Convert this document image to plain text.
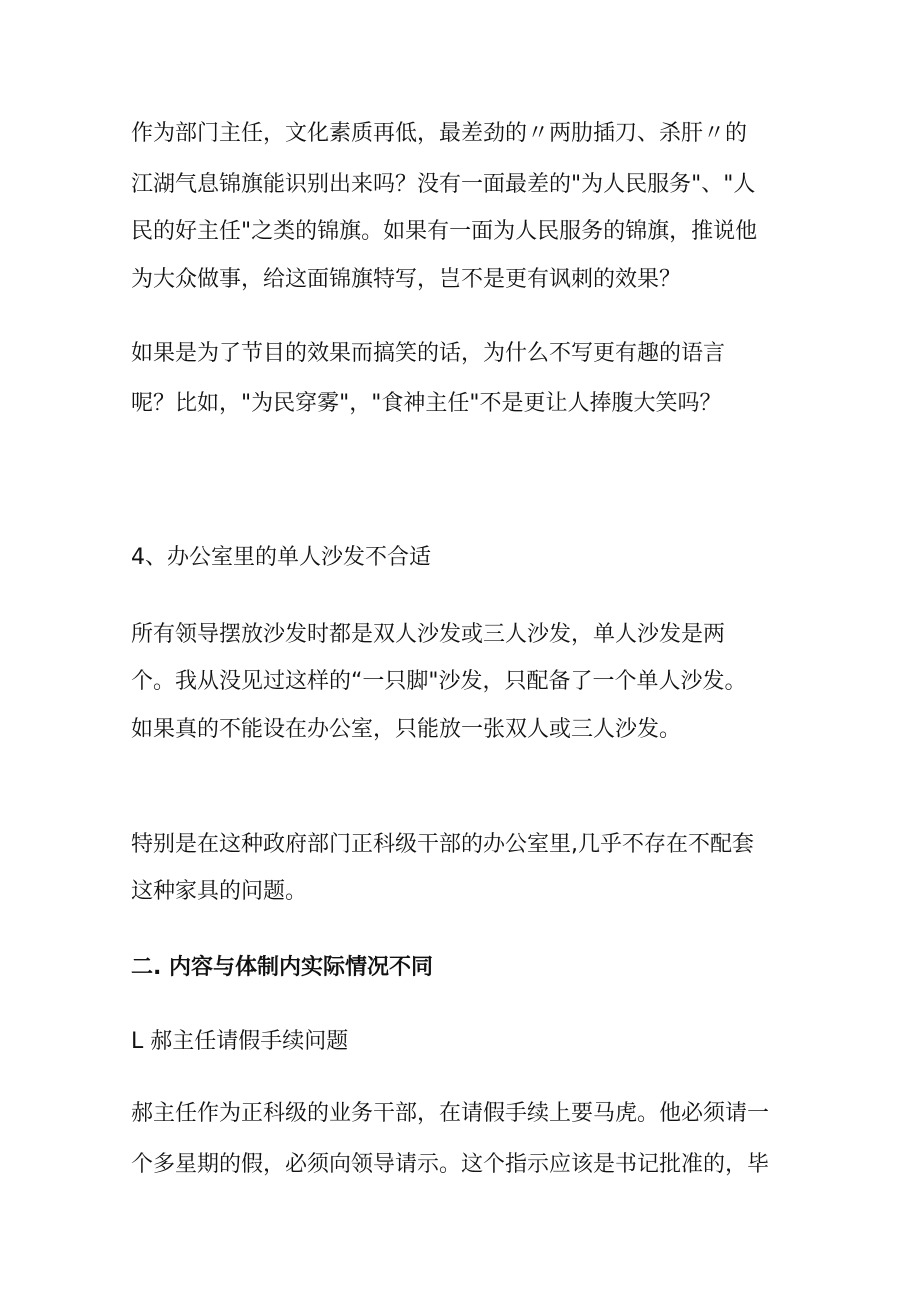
作为部门主任，文化素质再低，最差劲的〃两肋插刀、杀肝〃的

江湖气息锦旗能识别出来吗？没有一面最差的"为人民服务"、"人

民的好主任"之类的锦旗。如果有一面为人民服务的锦旗，推说他

为大众做事，给这面锦旗特写，岂不是更有讽刺的效果？

如果是为了节目的效果而搞笑的话，为什么不写更有趣的语言

呢？比如，"为民穿雾"，"食神主任"不是更让人捧腹大笑吗？

4、办公室里的单人沙发不合适

所有领导摆放沙发时都是双人沙发或三人沙发，单人沙发是两

个。我从没见过这样的“一只脚"沙发，只配备了一个单人沙发。

如果真的不能设在办公室，只能放一张双人或三人沙发。

特别是在这种政府部门正科级干部的办公室里,几乎不存在不配套

这种家具的问题。

二. 内容与体制内实际情况不同
L 郝主任请假手续问题

郝主任作为正科级的业务干部，在请假手续上要马虎。他必须请一

个多星期的假，必须向领导请示。这个指示应该是书记批准的，毕
